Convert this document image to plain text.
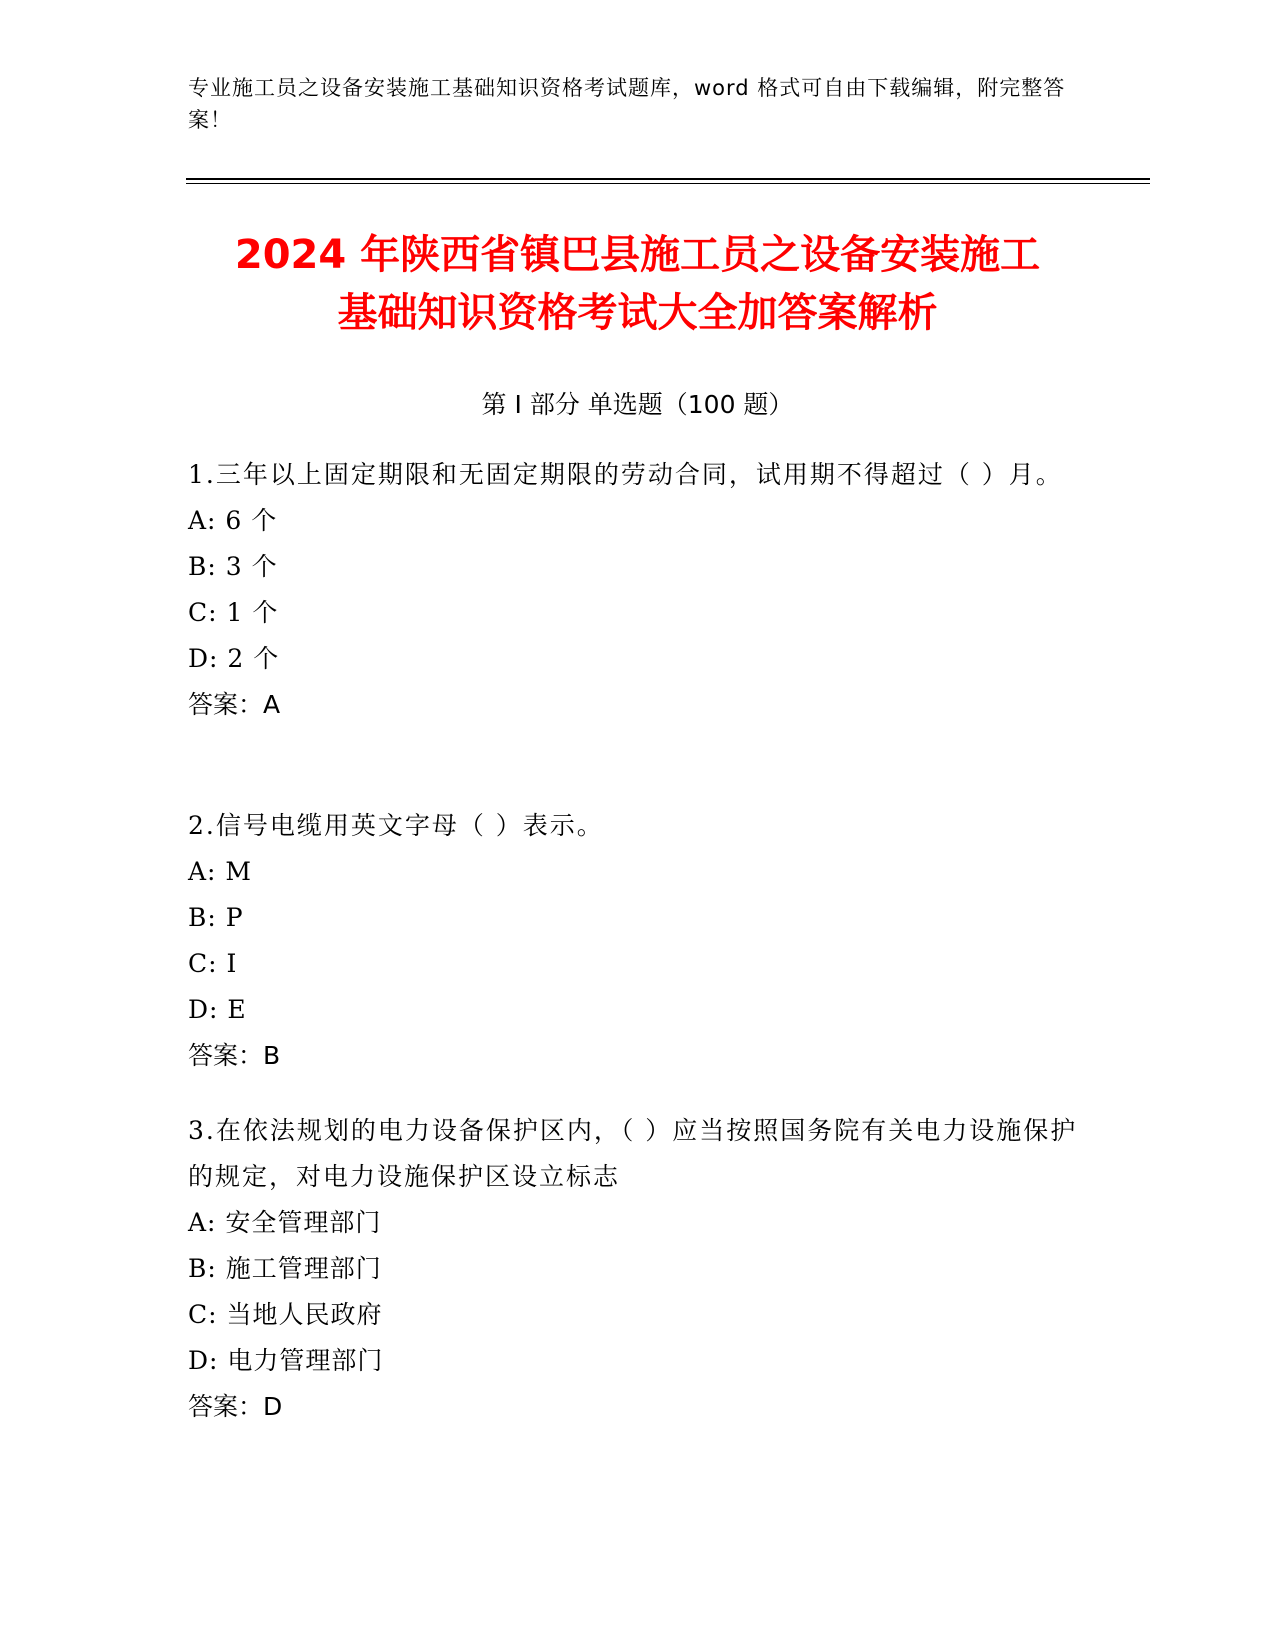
专业施工员之设备安装施工基础知识资格考试题库，word 格式可自由下载编辑，附完整答案！
2024 年陕西省镇巴县施工员之设备安装施工
基础知识资格考试大全加答案解析
第 I 部分 单选题（100 题）

1.三年以上固定期限和无固定期限的劳动合同，试用期不得超过（ ）月。

A: 6 个

B: 3 个

C: 1 个

D: 2 个

答案：A

2.信号电缆用英文字母（ ）表示。

A: M

B: P

C: I

D: E

答案：B

3.在依法规划的电力设备保护区内，（ ）应当按照国务院有关电力设施保护的规定，对电力设施保护区设立标志

A: 安全管理部门

B: 施工管理部门

C: 当地人民政府

D: 电力管理部门

答案：D
